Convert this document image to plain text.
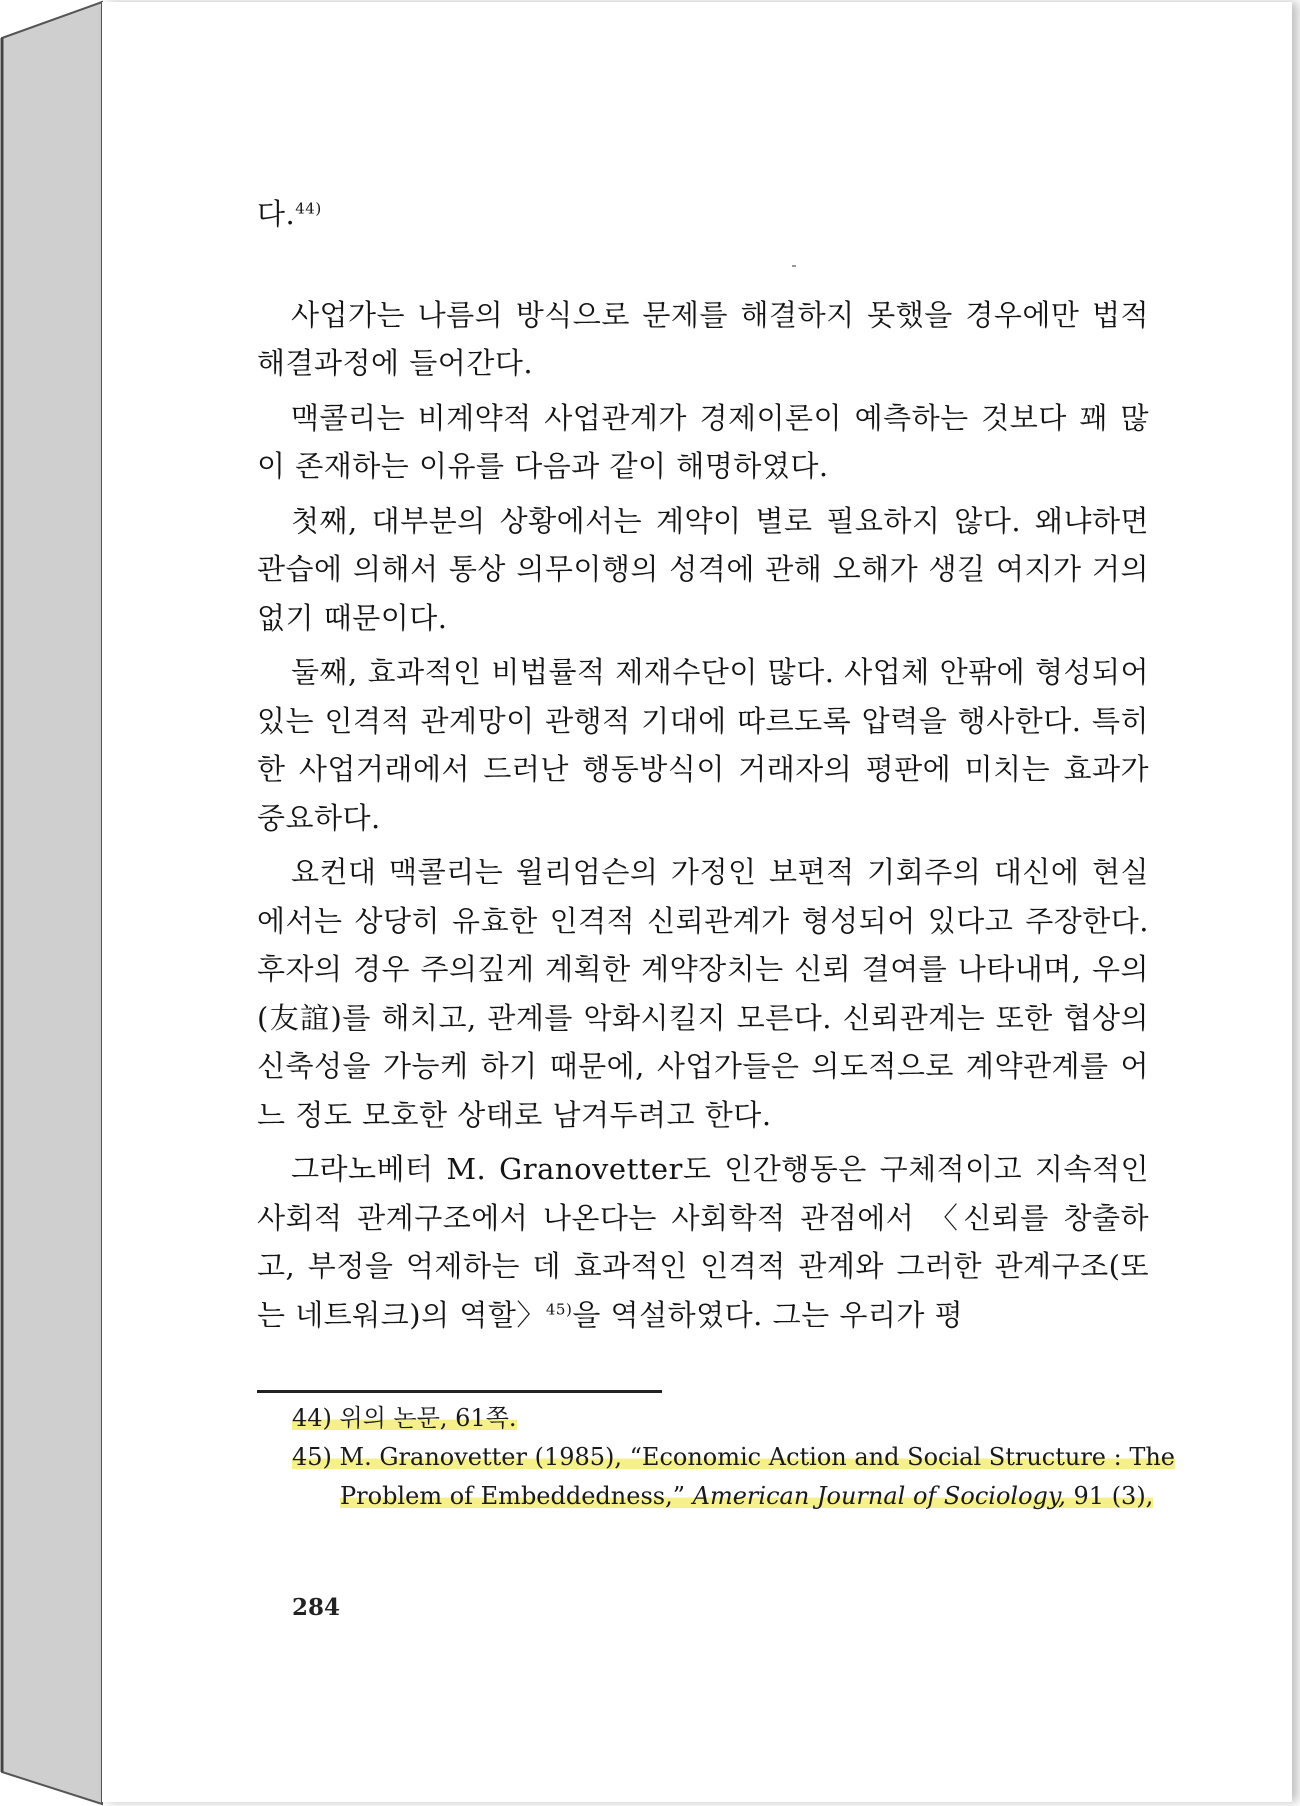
다.$^{44)}$

사업가는 나름의 방식으로 문제를 해결하지 못했을 경우에만 법적 해결과정에 들어간다.

맥콜리는 비계약적 사업관계가 경제이론이 예측하는 것보다 꽤 많이 존재하는 이유를 다음과 같이 해명하였다.

첫째, 대부분의 상황에서는 계약이 별로 필요하지 않다. 왜냐하면 관습에 의해서 통상 의무이행의 성격에 관해 오해가 생길 여지가 거의 없기 때문이다.

둘째, 효과적인 비법률적 제재수단이 많다. 사업체 안팎에 형성되어 있는 인격적 관계망이 관행적 기대에 따르도록 압력을 행사한다. 특히 한 사업거래에서 드러난 행동방식이 거래자의 평판에 미치는 효과가 중요하다.

요컨대 맥콜리는 윌리엄슨의 가정인 보편적 기회주의 대신에 현실에서는 상당히 유효한 인격적 신뢰관계가 형성되어 있다고 주장한다. 후자의 경우 주의깊게 계획한 계약장치는 신뢰 결여를 나타내며, 우의(友誼)를 해치고, 관계를 악화시킬지 모른다. 신뢰관계는 또한 협상의 신축성을 가능케 하기 때문에, 사업가들은 의도적으로 계약관계를 어느 정도 모호한 상태로 남겨두려고 한다.

그라노베터 M. Granovetter도 인간행동은 구체적이고 지속적인 사회적 관계구조에서 나온다는 사회학적 관점에서 〈신뢰를 창출하고, 부정을 억제하는 데 효과적인 인격적 관계와 그러한 관계구조(또는 네트워크)의 역할〉$^{45)}$을 역설하였다. 그는 우리가 평

44) 위의 논문, 61쪽.

45) M. Granovetter (1985), “Economic Action and Social Structure : The Problem of Embeddedness,” American Journal of Sociology, 91 (3),

284
